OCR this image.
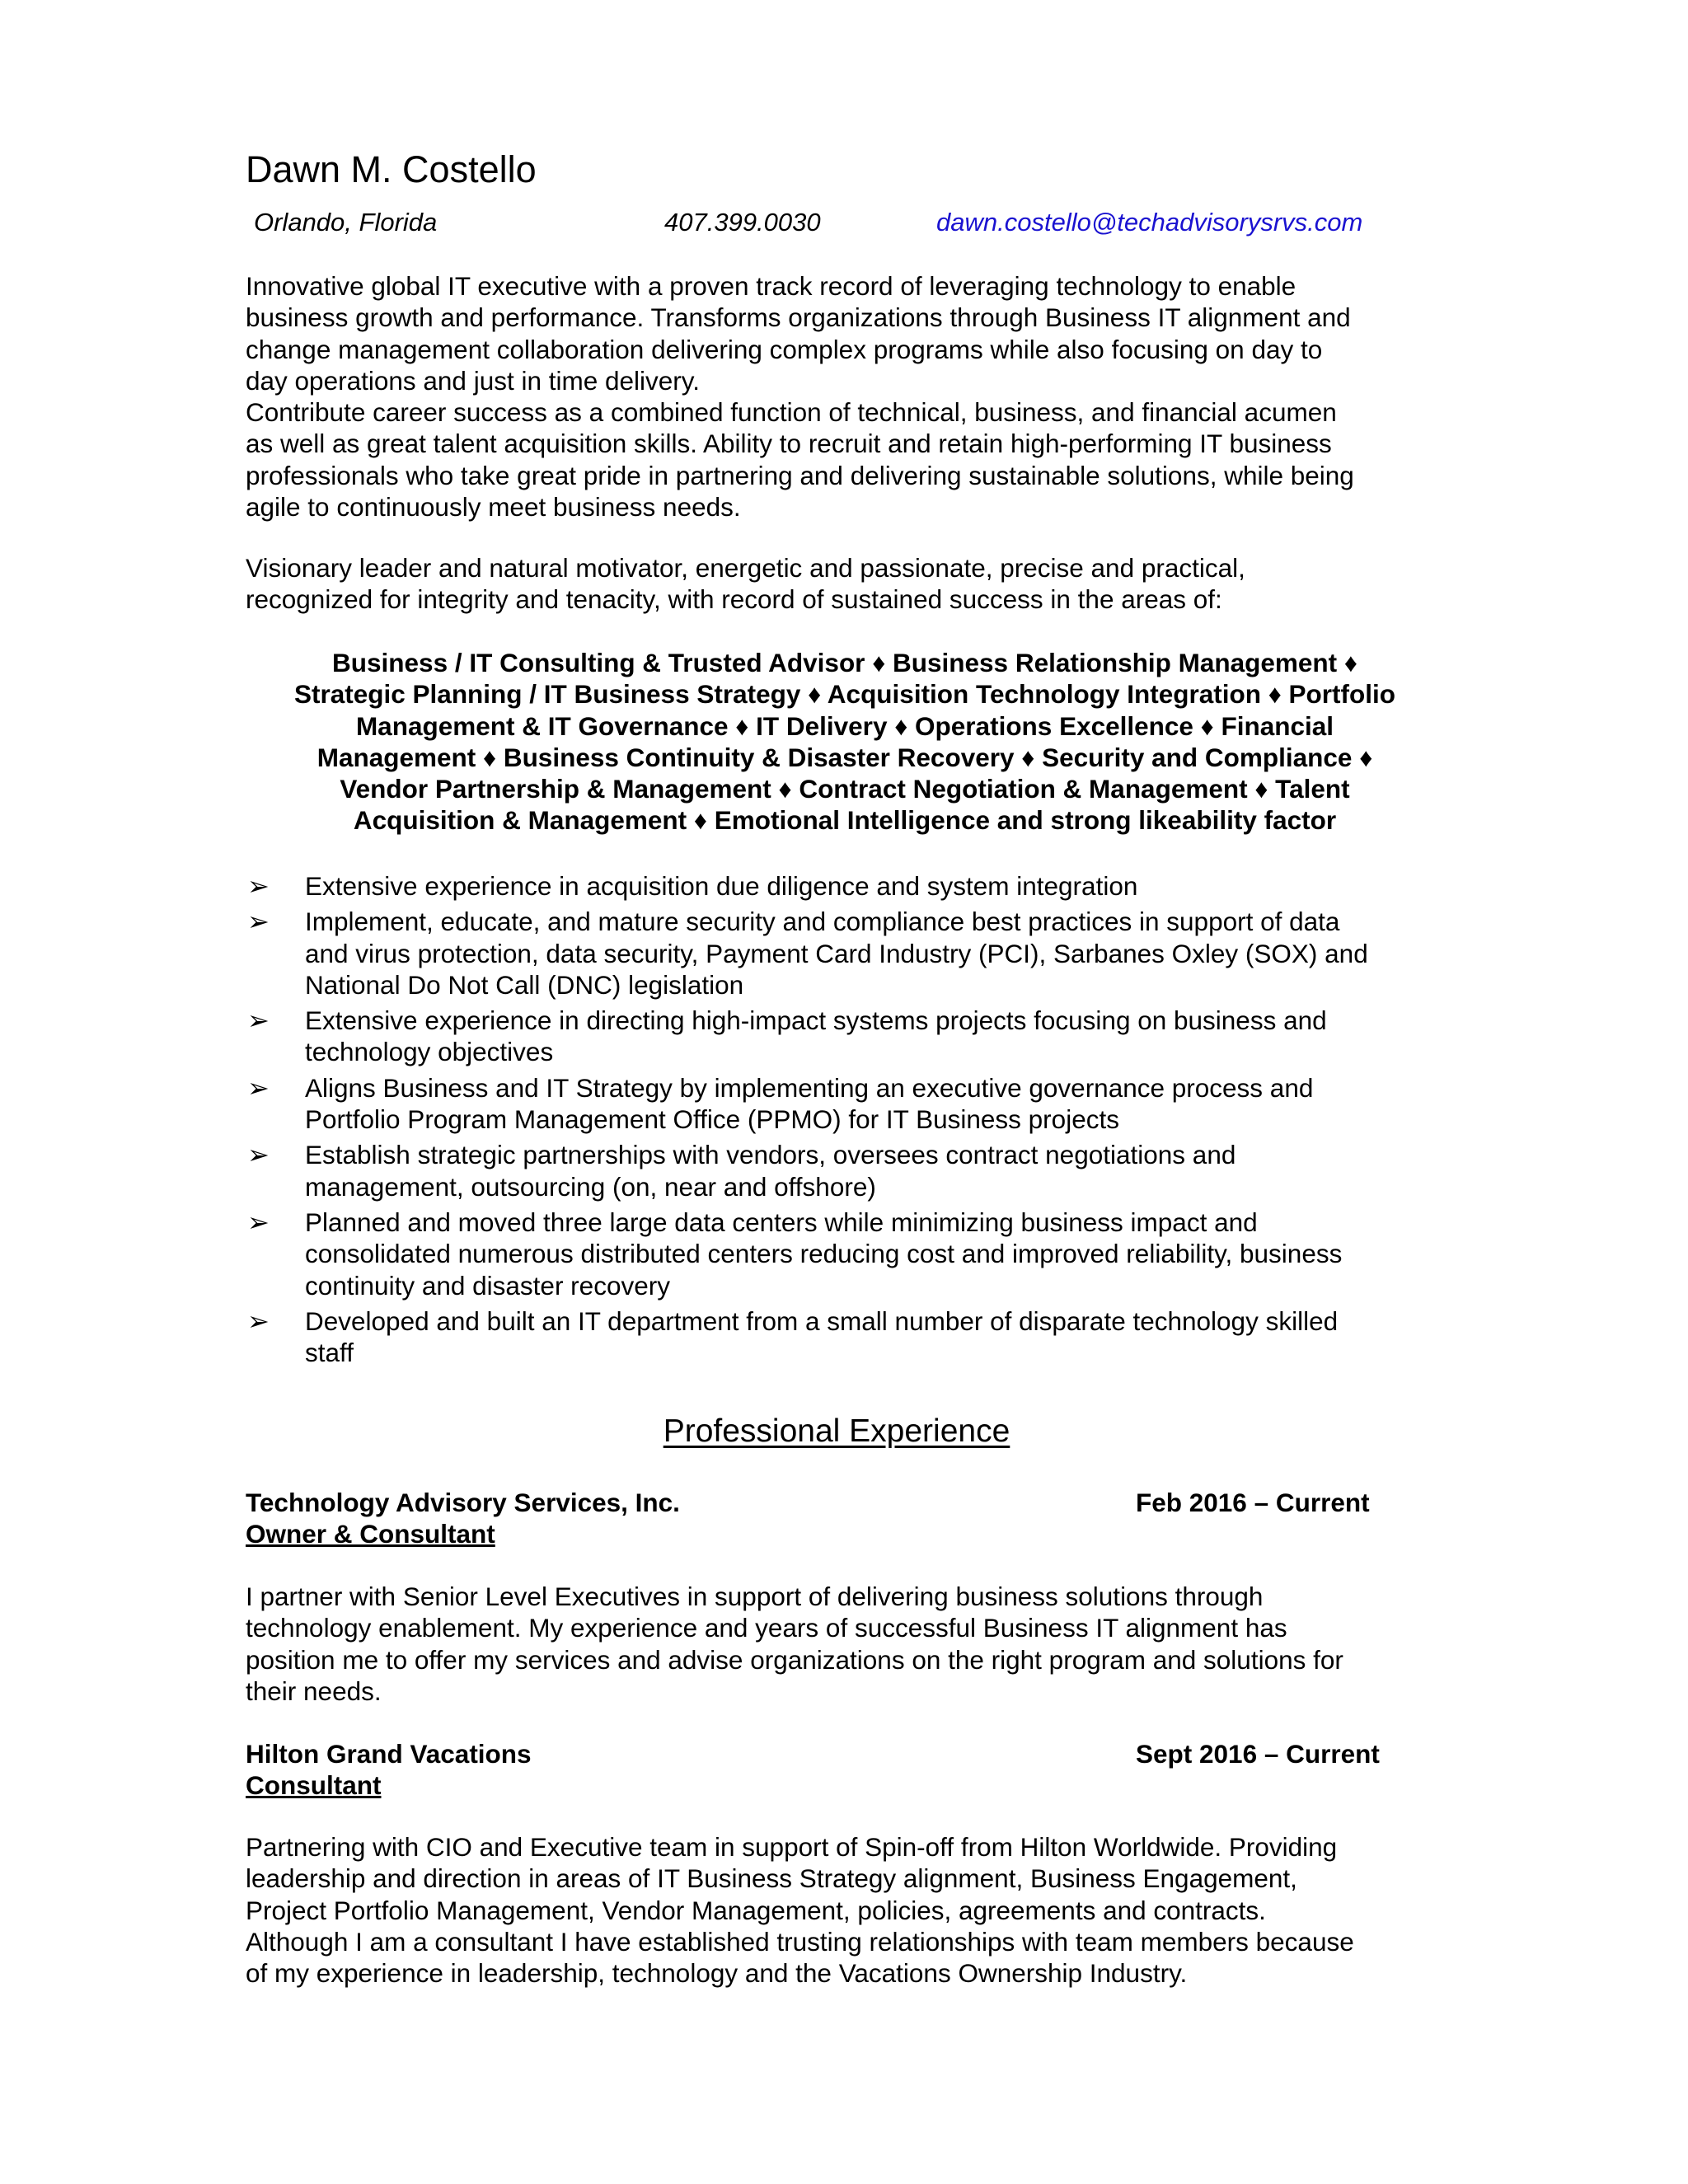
Dawn M. Costello
Orlando, Florida	407.399.0030	dawn.costello@techadvisorysrvs.com

Innovative global IT executive with a proven track record of leveraging technology to enable

business growth and performance. Transforms organizations through Business IT alignment and

change management collaboration delivering complex programs while also focusing on day to

day operations and just in time delivery.

Contribute career success as a combined function of technical, business, and financial acumen

as well as great talent acquisition skills. Ability to recruit and retain high-performing IT business

professionals who take great pride in partnering and delivering sustainable solutions, while being

agile to continuously meet business needs.

Visionary leader and natural motivator, energetic and passionate, precise and practical,

recognized for integrity and tenacity, with record of sustained success in the areas of:

Business / IT Consulting & Trusted Advisor ♦ Business Relationship Management ♦

Strategic Planning / IT Business Strategy ♦ Acquisition Technology Integration ♦ Portfolio

Management & IT Governance ♦ IT Delivery ♦ Operations Excellence ♦ Financial

Management ♦ Business Continuity & Disaster Recovery ♦ Security and Compliance ♦

Vendor Partnership & Management ♦ Contract Negotiation & Management ♦ Talent

Acquisition & Management ♦ Emotional Intelligence and strong likeability factor

➢ Extensive experience in acquisition due diligence and system integration
➢ Implement, educate, and mature security and compliance best practices in support of data
and virus protection, data security, Payment Card Industry (PCI), Sarbanes Oxley (SOX) and
National Do Not Call (DNC) legislation
➢ Extensive experience in directing high-impact systems projects focusing on business and
technology objectives
➢ Aligns Business and IT Strategy by implementing an executive governance process and
Portfolio Program Management Office (PPMO) for IT Business projects
➢ Establish strategic partnerships with vendors, oversees contract negotiations and
management, outsourcing (on, near and offshore)
➢ Planned and moved three large data centers while minimizing business impact and
consolidated numerous distributed centers reducing cost and improved reliability, business
continuity and disaster recovery
➢ Developed and built an IT department from a small number of disparate technology skilled
staff
Professional Experience
Technology Advisory Services, Inc.	Feb 2016 – Current
Owner & Consultant

I partner with Senior Level Executives in support of delivering business solutions through

technology enablement. My experience and years of successful Business IT alignment has

position me to offer my services and advise organizations on the right program and solutions for

their needs.

Hilton Grand Vacations	Sept 2016 – Current
Consultant

Partnering with CIO and Executive team in support of Spin-off from Hilton Worldwide. Providing

leadership and direction in areas of IT Business Strategy alignment, Business Engagement,

Project Portfolio Management, Vendor Management, policies, agreements and contracts.

Although I am a consultant I have established trusting relationships with team members because

of my experience in leadership, technology and the Vacations Ownership Industry.
